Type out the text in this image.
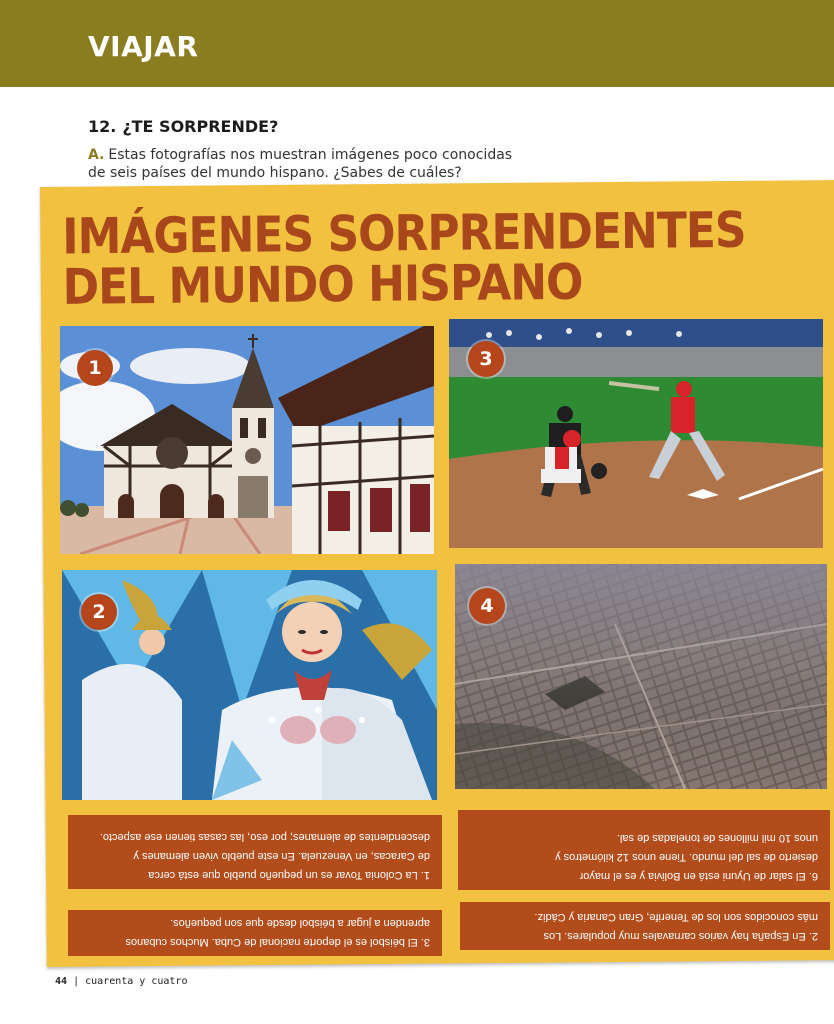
VIAJAR
12. ¿TE SORPRENDE?
A. Estas fotografías nos muestran imágenes poco conocidas
de seis países del mundo hispano. ¿Sabes de cuáles?
IMÁGENES SORPRENDENTES
DEL MUNDO HISPANO
1	3
2	4

1. La Colonia Tovar es un pequeño pueblo que está cerca

de Caracas, en Venezuela. En este pueblo viven alemanes y

descendientes de alemanes; por eso, las casas tienen ese aspecto.

6. El salar de Uyuni está en Bolivia y es el mayor

desierto de sal del mundo. Tiene unos 12 kilómetros y

unos 10 mil millones de toneladas de sal.

3. El béisbol es el deporte nacional de Cuba. Muchos cubanos

aprenden a jugar a béisbol desde que son pequeños.

2. En España hay varios carnavales muy populares. Los

más conocidos son los de Tenerife, Gran Canaria y Cádiz.

44 | cuarenta y cuatro
